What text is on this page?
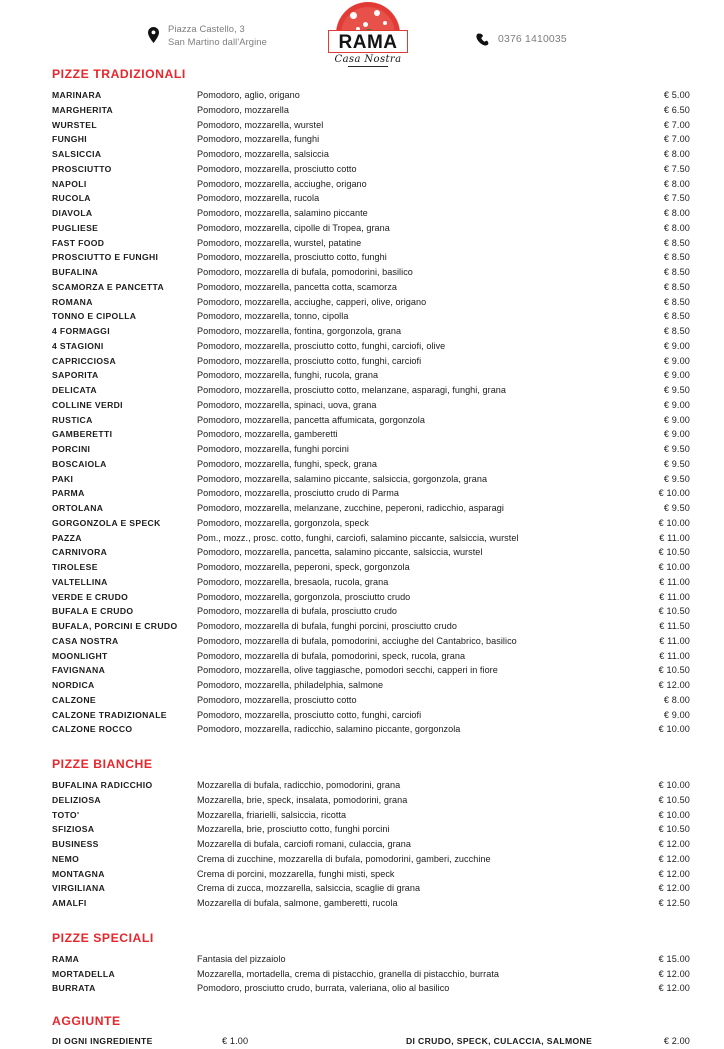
Piazza Castello, 3
San Martino dall'Argine	RAMA
Casa Nostra
0376 1410035
PIZZE TRADIZIONALI
MARINARA	Pomodoro, aglio, origano	€ 5.00
MARGHERITA	Pomodoro, mozzarella	€ 6.50
WURSTEL	Pomodoro, mozzarella, wurstel	€ 7.00
FUNGHI	Pomodoro, mozzarella, funghi	€ 7.00
SALSICCIA	Pomodoro, mozzarella, salsiccia	€ 8.00
PROSCIUTTO	Pomodoro, mozzarella, prosciutto cotto	€ 7.50
NAPOLI	Pomodoro, mozzarella, acciughe, origano	€ 8.00
RUCOLA	Pomodoro, mozzarella, rucola	€ 7.50
DIAVOLA	Pomodoro, mozzarella, salamino piccante	€ 8.00
PUGLIESE	Pomodoro, mozzarella, cipolle di Tropea, grana	€ 8.00
FAST FOOD	Pomodoro, mozzarella, wurstel, patatine	€ 8.50
PROSCIUTTO E FUNGHI	Pomodoro, mozzarella, prosciutto cotto, funghi	€ 8.50
BUFALINA	Pomodoro, mozzarella di bufala, pomodorini, basilico	€ 8.50
SCAMORZA E PANCETTA	Pomodoro, mozzarella, pancetta cotta, scamorza	€ 8.50
ROMANA	Pomodoro, mozzarella, acciughe, capperi, olive, origano	€ 8.50
TONNO E CIPOLLA	Pomodoro, mozzarella, tonno, cipolla	€ 8.50
4 FORMAGGI	Pomodoro, mozzarella, fontina, gorgonzola, grana	€ 8.50
4 STAGIONI	Pomodoro, mozzarella, prosciutto cotto, funghi, carciofi, olive	€ 9.00
CAPRICCIOSA	Pomodoro, mozzarella, prosciutto cotto, funghi, carciofi	€ 9.00
SAPORITA	Pomodoro, mozzarella, funghi, rucola, grana	€ 9.00
DELICATA	Pomodoro, mozzarella, prosciutto cotto, melanzane, asparagi, funghi, grana	€ 9.50
COLLINE VERDI	Pomodoro, mozzarella, spinaci, uova, grana	€ 9.00
RUSTICA	Pomodoro, mozzarella, pancetta affumicata, gorgonzola	€ 9.00
GAMBERETTI	Pomodoro, mozzarella, gamberetti	€ 9.00
PORCINI	Pomodoro, mozzarella, funghi porcini	€ 9.50
BOSCAIOLA	Pomodoro, mozzarella, funghi, speck, grana	€ 9.50
PAKI	Pomodoro, mozzarella, salamino piccante, salsiccia, gorgonzola, grana	€ 9.50
PARMA	Pomodoro, mozzarella, prosciutto crudo di Parma	€ 10.00
ORTOLANA	Pomodoro, mozzarella, melanzane, zucchine, peperoni, radicchio, asparagi	€ 9.50
GORGONZOLA E SPECK	Pomodoro, mozzarella, gorgonzola, speck	€ 10.00
PAZZA	Pom., mozz., prosc. cotto, funghi, carciofi, salamino piccante, salsiccia, wurstel	€ 11.00
CARNIVORA	Pomodoro, mozzarella, pancetta, salamino piccante, salsiccia, wurstel	€ 10.50
TIROLESE	Pomodoro, mozzarella, peperoni, speck, gorgonzola	€ 10.00
VALTELLINA	Pomodoro, mozzarella, bresaola, rucola, grana	€ 11.00
VERDE E CRUDO	Pomodoro, mozzarella, gorgonzola, prosciutto crudo	€ 11.00
BUFALA E CRUDO	Pomodoro, mozzarella di bufala, prosciutto crudo	€ 10.50
BUFALA, PORCINI E CRUDO Pomodoro, mozzarella di bufala, funghi porcini, prosciutto crudo	€ 11.50
CASA NOSTRA	Pomodoro, mozzarella di bufala, pomodorini, acciughe del Cantabrico, basilico	€ 11.00
MOONLIGHT	Pomodoro, mozzarella di bufala, pomodorini, speck, rucola, grana	€ 11.00
FAVIGNANA	Pomodoro, mozzarella, olive taggiasche, pomodori secchi, capperi in fiore	€ 10.50
NORDICA	Pomodoro, mozzarella, philadelphia, salmone	€ 12.00
CALZONE	Pomodoro, mozzarella, prosciutto cotto	€ 8.00
CALZONE TRADIZIONALE	Pomodoro, mozzarella, prosciutto cotto, funghi, carciofi	€ 9.00
CALZONE ROCCO	Pomodoro, mozzarella, radicchio, salamino piccante, gorgonzola	€ 10.00
PIZZE BIANCHE
BUFALINA RADICCHIO	Mozzarella di bufala, radicchio, pomodorini, grana	€ 10.00
DELIZIOSA	Mozzarella, brie, speck, insalata, pomodorini, grana	€ 10.50
TOTO'	Mozzarella, friarielli, salsiccia, ricotta	€ 10.00
SFIZIOSA	Mozzarella, brie, prosciutto cotto, funghi porcini	€ 10.50
BUSINESS	Mozzarella di bufala, carciofi romani, culaccia, grana	€ 12.00
NEMO	Crema di zucchine, mozzarella di bufala, pomodorini, gamberi, zucchine	€ 12.00
MONTAGNA	Crema di porcini, mozzarella, funghi misti, speck	€ 12.00
VIRGILIANA	Crema di zucca, mozzarella, salsiccia, scaglie di grana	€ 12.00
AMALFI	Mozzarella di bufala, salmone, gamberetti, rucola	€ 12.50
PIZZE SPECIALI
RAMA	Fantasia del pizzaiolo	€ 15.00
MORTADELLA	Mozzarella, mortadella, crema di pistacchio, granella di pistacchio, burrata	€ 12.00
BURRATA	Pomodoro, prosciutto crudo, burrata, valeriana, olio al basilico	€ 12.00
AGGIUNTE
DI OGNI INGREDIENTE	€ 1.00	DI CRUDO, SPECK, CULACCIA, SALMONE	€ 2.00
